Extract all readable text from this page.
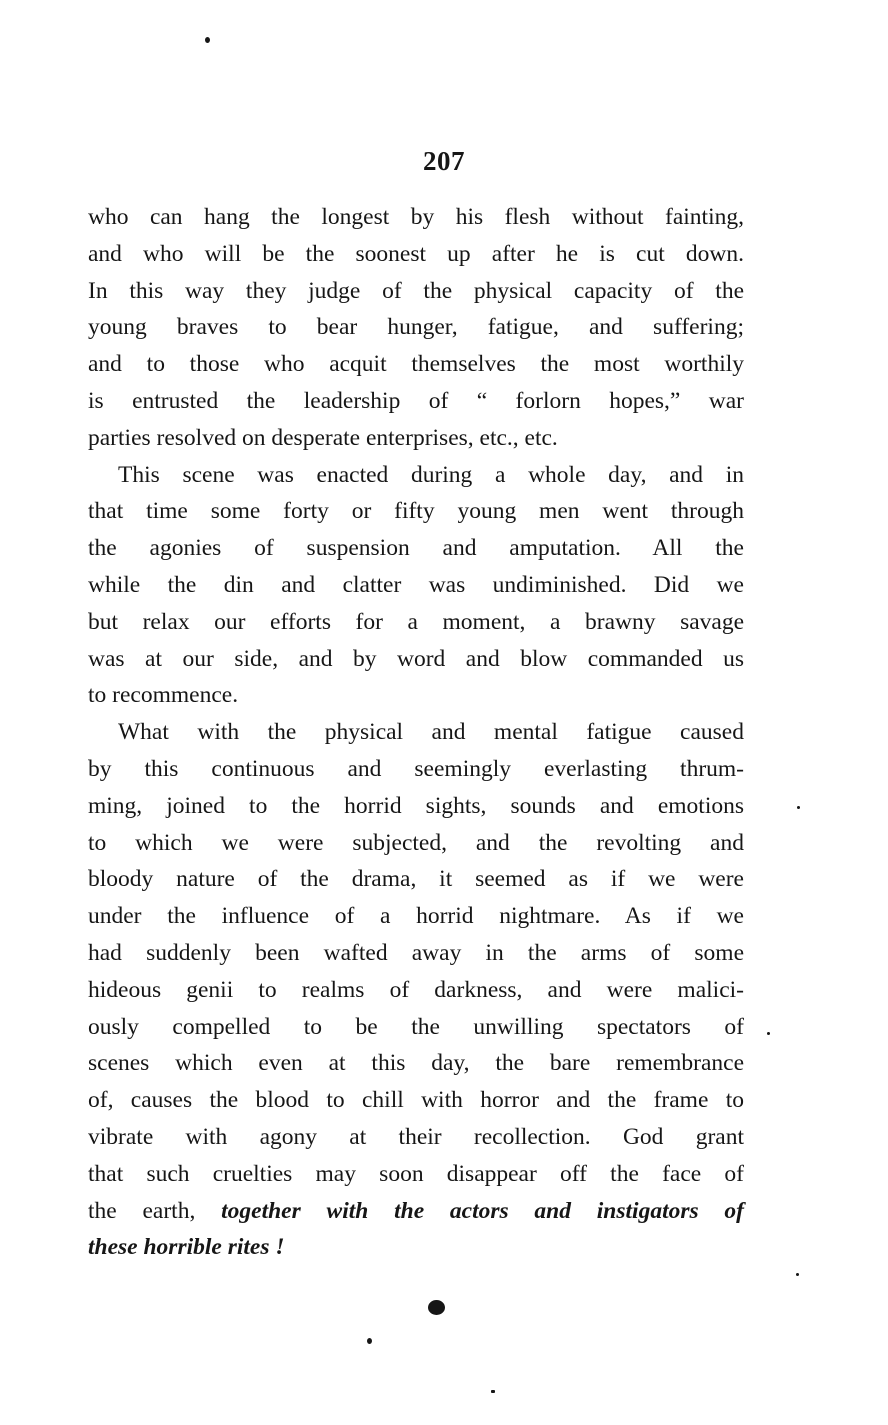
207
who can hang the longest by his flesh without fainting,
and who will be the soonest up after he is cut down.
In this way they judge of the physical capacity of the
young braves to bear hunger, fatigue, and suffering;
and to those who acquit themselves the most worthily
is entrusted the leadership of “ forlorn hopes,” war
parties resolved on desperate enterprises, etc., etc.
This scene was enacted during a whole day, and in
that time some forty or fifty young men went through
the agonies of suspension and amputation. All the
while the din and clatter was undiminished. Did we
but relax our efforts for a moment, a brawny savage
was at our side, and by word and blow commanded us
to recommence.
What with the physical and mental fatigue caused
by this continuous and seemingly everlasting thrum-
ming, joined to the horrid sights, sounds and emotions
to which we were subjected, and the revolting and
bloody nature of the drama, it seemed as if we were
under the influence of a horrid nightmare. As if we
had suddenly been wafted away in the arms of some
hideous genii to realms of darkness, and were malici-
ously compelled to be the unwilling spectators of
scenes which even at this day, the bare remembrance
of, causes the blood to chill with horror and the frame to
vibrate with agony at their recollection. God grant
that such cruelties may soon disappear off the face of
the earth, together with the actors and instigators of
these horrible rites !
